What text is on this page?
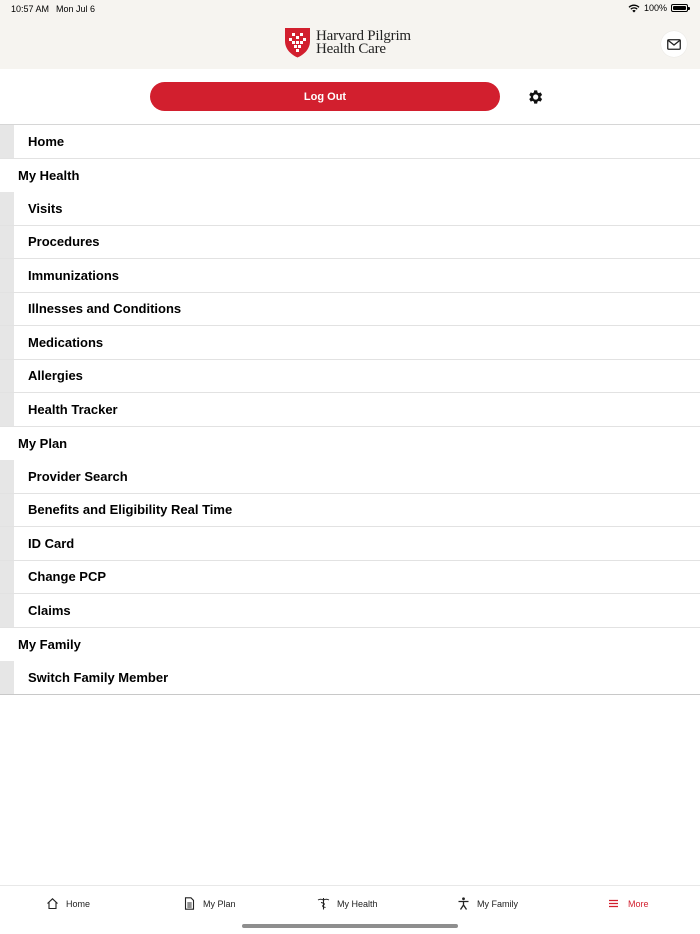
10:57 AM Mon Jul 6	100%
Harvard Pilgrim
Health Care
Log Out
Home
My Health
Visits
Procedures
Immunizations
Illnesses and Conditions
Medications
Allergies
Health Tracker
My Plan
Provider Search
Benefits and Eligibility Real Time
ID Card
Change PCP
Claims
My Family
Switch Family Member
Home	My Plan	My Health	My Family	More
